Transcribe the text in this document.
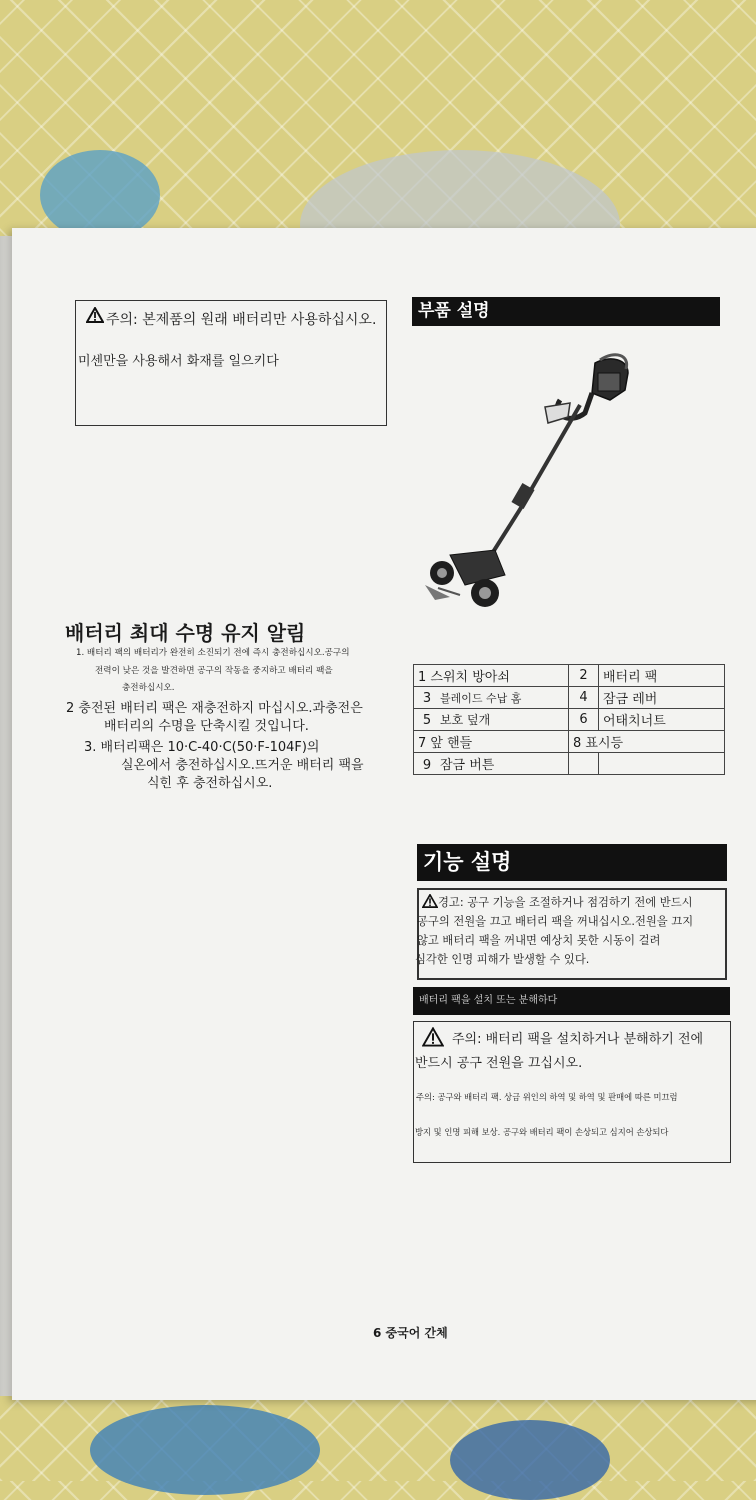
주의: 본제품의 원래 배터리만 사용하십시오.
미센만을 사용해서 화재를 일으키다
부품 설명
배터리 최대 수명 유지 알림
1. 배터리 팩의 배터리가 완전히 소진되기 전에 즉시 충전하십시오.공구의
전력이 낮은 것을 발견하면 공구의 작동을 중지하고 배터리 팩을
충전하십시오.
2 충전된 배터리 팩은 재충전하지 마십시오.과충전은
배터리의 수명을 단축시킬 것입니다.
3. 배터리팩은 10·C-40·C(50·F-104F)의
실온에서 충전하십시오.뜨거운 배터리 팩을
식힌 후 충전하십시오.
1 스위치 방아쇠	2	배터리 팩
3 블레이드 수납 홈	4	잠금 레버
5 보호 덮개	6	어태치너트
7 앞 핸들	8 표시등	
9 잠금 버튼		
기능 설명
경고: 공구 기능을 조절하거나 점검하기 전에 반드시
공구의 전원을 끄고 배터리 팩을 꺼내십시오.전원을 끄지
않고 배터리 팩을 꺼내면 예상치 못한 시동이 걸려
심각한 인명 피해가 발생할 수 있다.
배터리 팩을 설치 또는 분해하다
주의: 배터리 팩을 설치하거나 분해하기 전에
반드시 공구 전원을 끄십시오.
주의: 공구와 배터리 팩. 상금 위인의 하역 및 하역 및 판매에 따른 미끄럼
방지 및 인명 피해 보상. 공구와 배터리 팩이 손상되고 심지어 손상되다
6 중국어 간체
